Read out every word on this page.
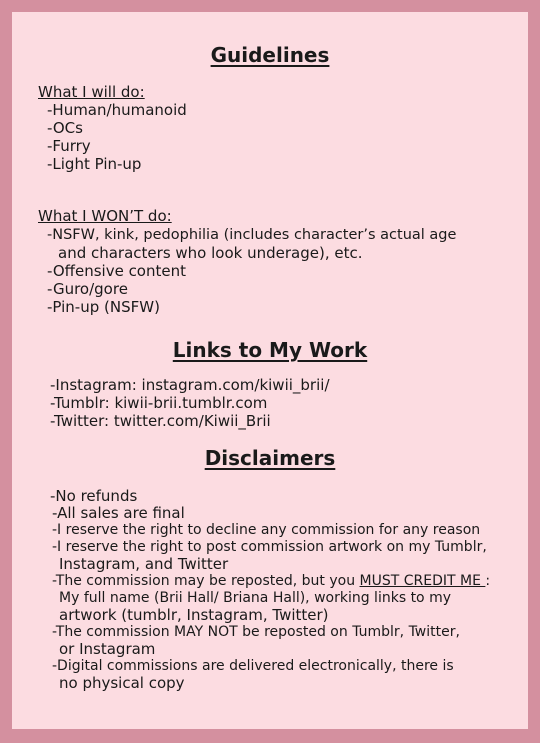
Guidelines
What I will do:
-Human/humanoid
-OCs
-Furry
-Light Pin-up
What I WON’T do:
-NSFW, kink, pedophilia (includes character’s actual age
and characters who look underage), etc.
-Offensive content
-Guro/gore
-Pin-up (NSFW)
Links to My Work
-Instagram: instagram.com/kiwii_brii/
-Tumblr: kiwii-brii.tumblr.com
-Twitter: twitter.com/Kiwii_Brii
Disclaimers
-No refunds
-All sales are final
-I reserve the right to decline any commission for any reason
-I reserve the right to post commission artwork on my Tumblr,
Instagram, and Twitter
-The commission may be reposted, but you MUST CREDIT ME :
My full name (Brii Hall/ Briana Hall), working links to my
artwork (tumblr, Instagram, Twitter)
-The commission MAY NOT be reposted on Tumblr, Twitter,
or Instagram
-Digital commissions are delivered electronically, there is
no physical copy
